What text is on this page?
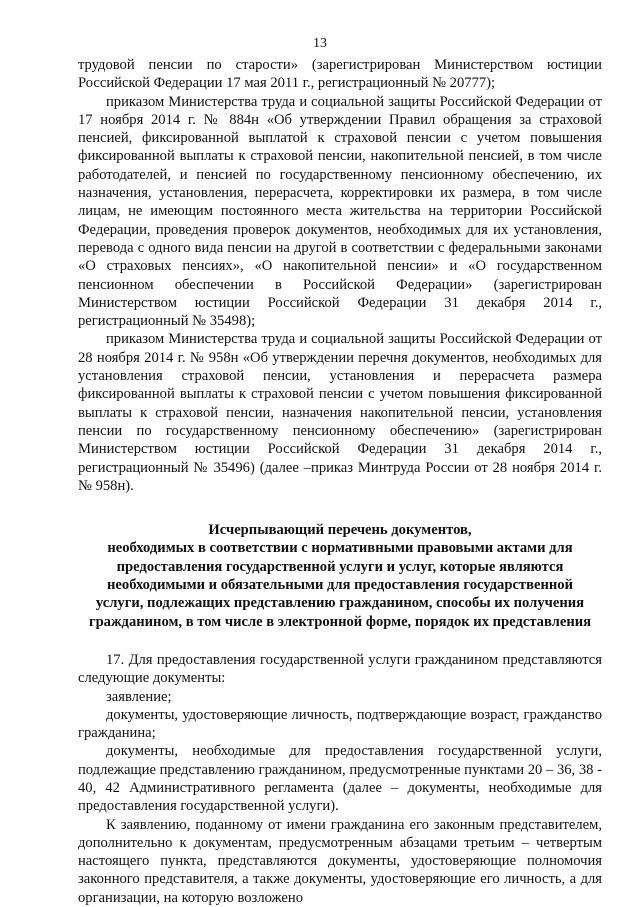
13

трудовой пенсии по старости» (зарегистрирован Министерством юстиции Российской Федерации 17 мая 2011 г., регистрационный № 20777);

приказом Министерства труда и социальной защиты Российской Федерации от 17 ноября 2014 г. № 884н «Об утверждении Правил обращения за страховой пенсией, фиксированной выплатой к страховой пенсии с учетом повышения фиксированной выплаты к страховой пенсии, накопительной пенсией, в том числе работодателей, и пенсией по государственному пенсионному обеспечению, их назначения, установления, перерасчета, корректировки их размера, в том числе лицам, не имеющим постоянного места жительства на территории Российской Федерации, проведения проверок документов, необходимых для их установления, перевода с одного вида пенсии на другой в соответствии с федеральными законами «О страховых пенсиях», «О накопительной пенсии» и «О государственном пенсионном обеспечении в Российской Федерации» (зарегистрирован Министерством юстиции Российской Федерации 31 декабря 2014 г., регистрационный № 35498);

приказом Министерства труда и социальной защиты Российской Федерации от 28 ноября 2014 г. № 958н «Об утверждении перечня документов, необходимых для установления страховой пенсии, установления и перерасчета размера фиксированной выплаты к страховой пенсии с учетом повышения фиксированной выплаты к страховой пенсии, назначения накопительной пенсии, установления пенсии по государственному пенсионному обеспечению» (зарегистрирован Министерством юстиции Российской Федерации 31 декабря 2014 г., регистрационный № 35496) (далее –приказ Минтруда России от 28 ноября 2014 г. № 958н).

Исчерпывающий перечень документов,
необходимых в соответствии с нормативными правовыми актами для
предоставления государственной услуги и услуг, которые являются
необходимыми и обязательными для предоставления государственной
услуги, подлежащих представлению гражданином, способы их получения
гражданином, в том числе в электронной форме, порядок их представления

17. Для предоставления государственной услуги гражданином представляются следующие документы:

заявление;

документы, удостоверяющие личность, подтверждающие возраст, гражданство гражданина;

документы, необходимые для предоставления государственной услуги, подлежащие представлению гражданином, предусмотренные пунктами 20 – 36, 38 - 40, 42 Административного регламента (далее – документы, необходимые для предоставления государственной услуги).

К заявлению, поданному от имени гражданина его законным представителем, дополнительно к документам, предусмотренным абзацами третьим – четвертым настоящего пункта, представляются документы, удостоверяющие полномочия законного представителя, а также документы, удостоверяющие его личность, а для организации, на которую возложено
